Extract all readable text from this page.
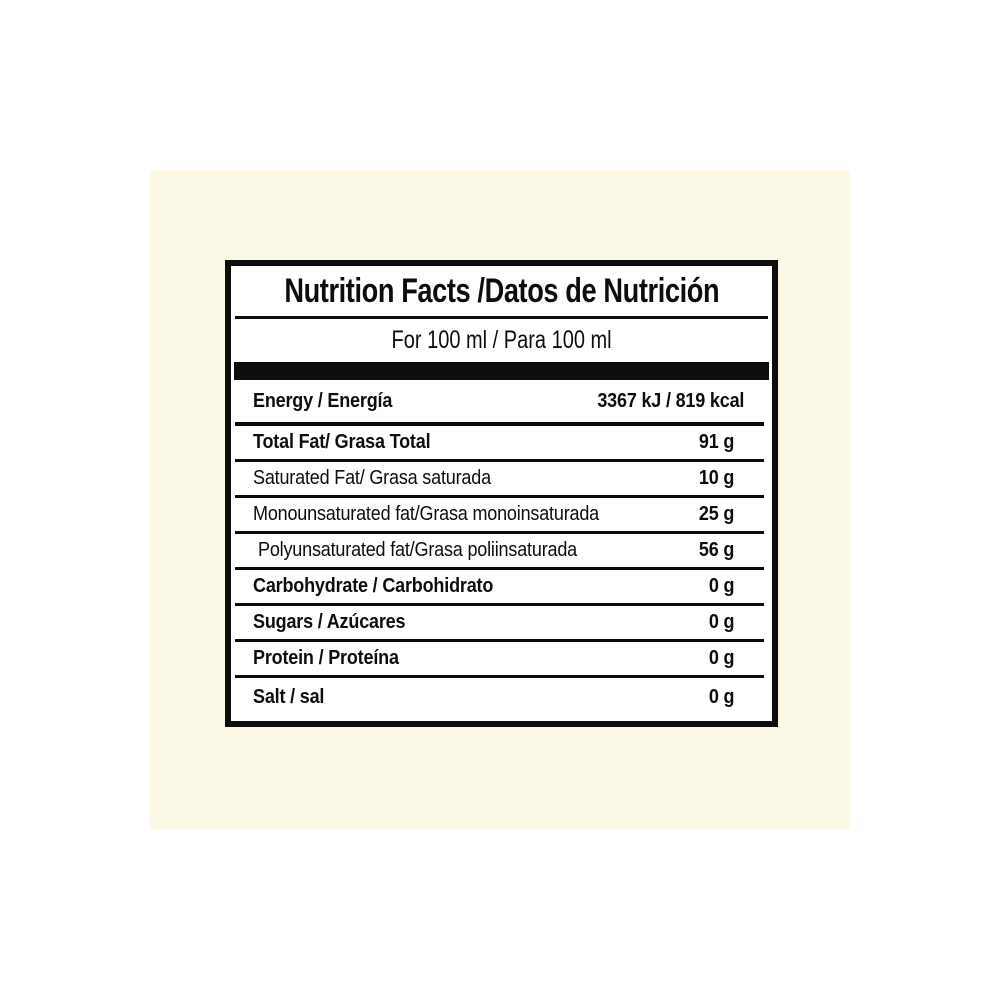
Nutrition Facts /Datos de Nutrición
For 100 ml / Para 100 ml
Energy / Energía	3367 kJ / 819 kcal
Total Fat/ Grasa Total	91 g
Saturated Fat/ Grasa saturada	10 g
Monounsaturated fat/Grasa monoinsaturada	25 g
Polyunsaturated fat/Grasa poliinsaturada	56 g
Carbohydrate / Carbohidrato	0 g
Sugars / Azúcares	0 g
Protein / Proteína	0 g
Salt / sal	0 g
